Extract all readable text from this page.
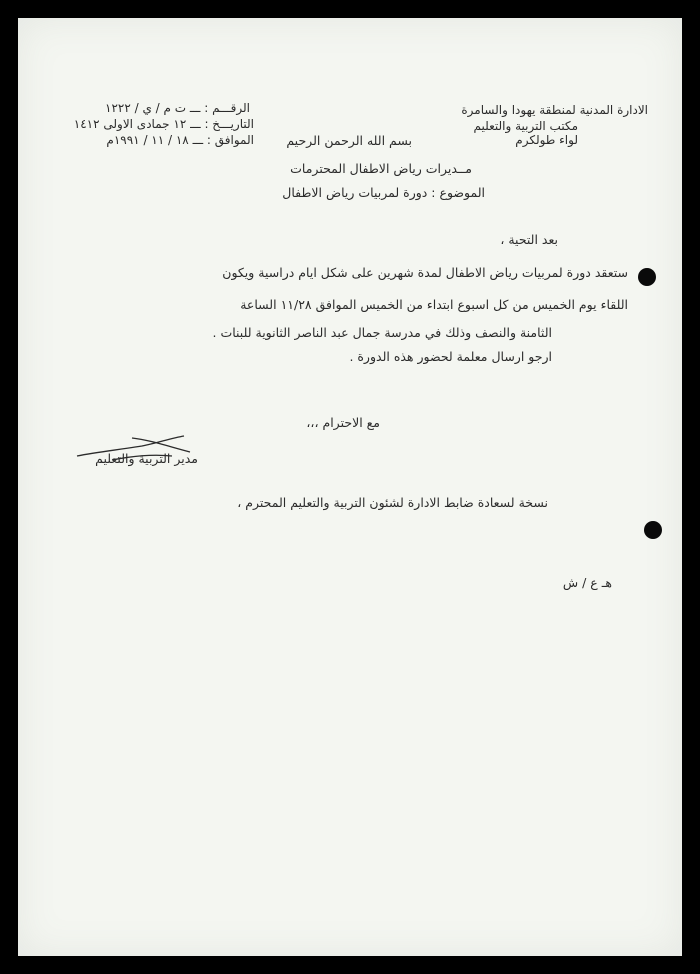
الادارة المدنية لمنطقة يهودا والسامرة
مكتب التربية والتعليم
لواء طولكرم
الرقـــم : ـــ ت م / ي / ١٢٢٢
التاريـــخ : ـــ ١٢ جمادى الاولى ١٤١٢
الموافق : ـــ ١٨ / ١١ / ١٩٩١م	بسم الله الرحمن الرحيم
مــديرات رياض الاطفال المحترمات
الموضوع : دورة لمربيات رياض الاطفال
بعد التحية ،
ستعقد دورة لمربيات رياض الاطفال لمدة شهرين على شكل ايام دراسية ويكون
اللقاء يوم الخميس من كل اسبوع ابتداء من الخميس الموافق ١١/٢٨ الساعة
الثامنة والنصف وذلك في مدرسة جمال عبد الناصر الثانوية للبنات .
ارجو ارسال معلمة لحضور هذه الدورة .
مع الاحترام ،،،
مدير التربية والتعليم
نسخة لسعادة ضابط الادارة لشئون التربية والتعليم المحترم ،
هـ ع / ش
